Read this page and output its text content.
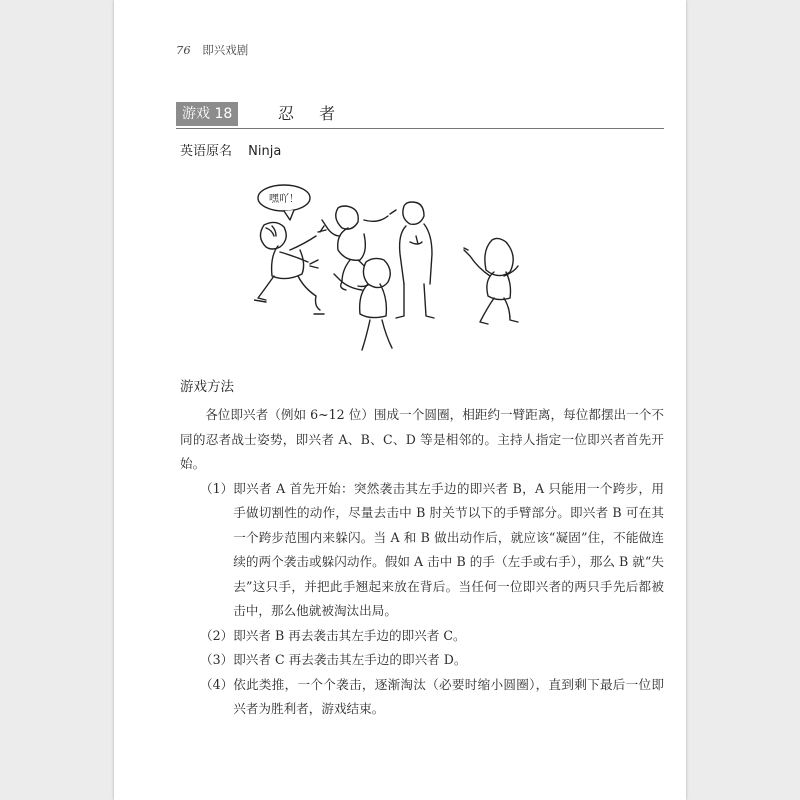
76 即兴戏剧
游戏 18	忍 者
英语原名 Ninja
嘿吖！
游戏方法

各位即兴者（例如 6~12 位）围成一个圆圈，相距约一臂距离，每位都摆出一个不同的忍者战士姿势，即兴者 A、B、C、D 等是相邻的。主持人指定一位即兴者首先开始。

（1） 即兴者 A 首先开始：突然袭击其左手边的即兴者 B，A 只能用一个跨步，用手做切割性的动作，尽量去击中 B 肘关节以下的手臂部分。即兴者 B 可在其一个跨步范围内来躲闪。当 A 和 B 做出动作后，就应该“凝固”住，不能做连续的两个袭击或躲闪动作。假如 A 击中 B 的手（左手或右手），那么 B 就“失去”这只手，并把此手翘起来放在背后。当任何一位即兴者的两只手先后都被击中，那么他就被淘汰出局。
（2） 即兴者 B 再去袭击其左手边的即兴者 C。
（3） 即兴者 C 再去袭击其左手边的即兴者 D。
（4） 依此类推，一个个袭击，逐渐淘汰（必要时缩小圆圈），直到剩下最后一位即兴者为胜利者，游戏结束。
